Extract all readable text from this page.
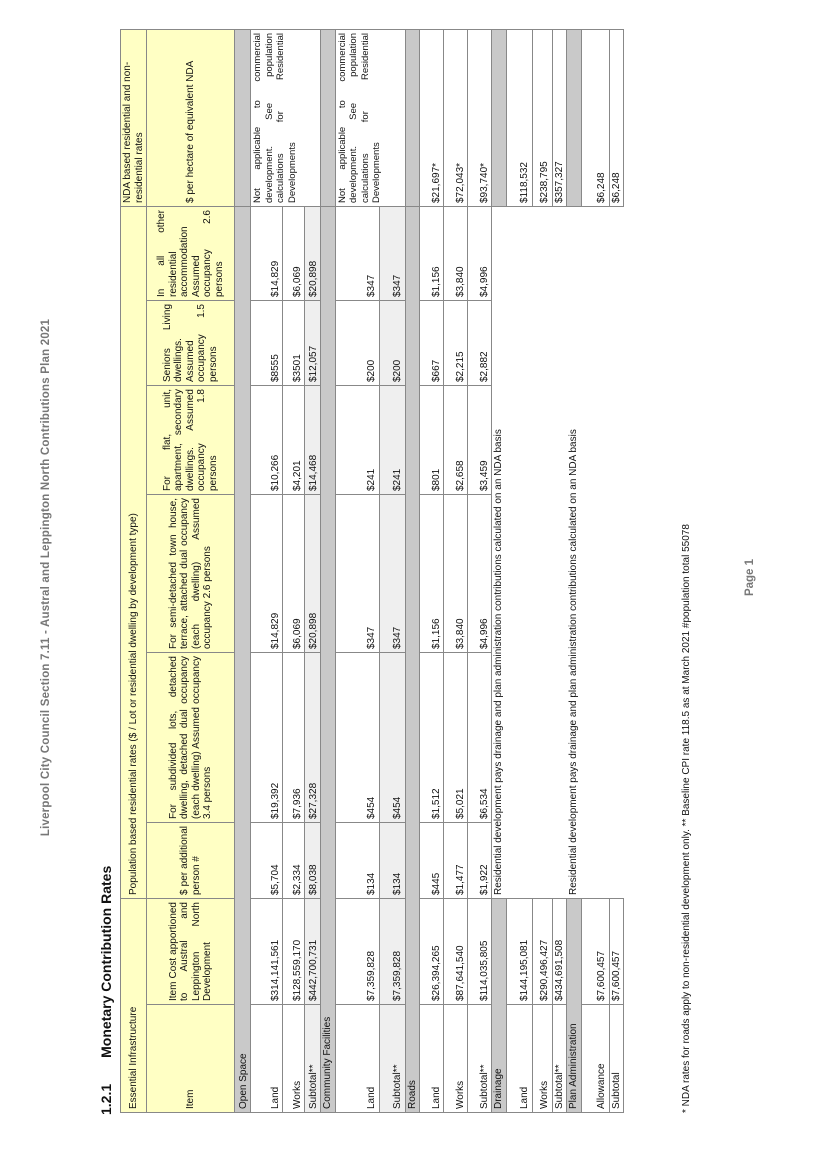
Liverpool City Council Section 7.11 - Austral and Leppington North Contributions Plan 2021
1.2.1Monetary Contribution Rates
Essential Infrastructure		Population based residential rates ($ / Lot or residential dwelling by development type)						NDA based residential and non-residential rates
Item	Item Cost apportioned to Austral and Leppington North Development	$ per additional person #	For subdivided lots, detached dwelling, detached dual occupancy (each dwelling) Assumed occupancy 3.4 persons	For semi-detached town house, terrace, attached dual occupancy (each dwelling) Assumed occupancy 2.6 persons	For flat, unit, apartment, secondary dwellings. Assumed occupancy 1.8 persons	Seniors Living dwellings. Assumed occupancy 1.5 persons	In all other residential accommodation Assumed occupancy 2.6 persons	$ per hectare of equivalent NDA
Open Space								
Land	$314,141,561	$5,704	$19,392	$14,829	$10,266	$8555	$14,829	Not applicable to commercial development. See population calculations for Residential Developments
Works	$128,559,170	$2,334	$7,936	$6,069	$4,201	$3501	$6,069	
Subtotal**	$442,700,731	$8,038	$27,328	$20,898	$14,468	$12,057	$20,898	
Community Facilities								
Land	$7,359,828	$134	$454	$347	$241	$200	$347	Not applicable to commercial development. See population calculations for Residential Developments
Subtotal**	$7,359,828	$134	$454	$347	$241	$200	$347	
Roads								
Land	$26,394,265	$445	$1,512	$1,156	$801	$667	$1,156	$21,697*
Works	$87,641,540	$1,477	$5,021	$3,840	$2,658	$2,215	$3,840	$72,043*
Subtotal**	$114,035,805	$1,922	$6,534	$4,996	$3,459	$2,882	$4,996	$93,740*
Drainage		Residential development pays drainage and plan administration contributions calculated on an NDA basis						
Land	$144,195,081							$118,532
Works	$290,496,427							$238,795
Subtotal**	$434,691,508							$357,327
Plan Administration		Residential development pays drainage and plan administration contributions calculated on an NDA basis						
Allowance	$7,600,457							$6,248
Subtotal	$7,600,457							$6,248
* NDA rates for roads apply to non-residential development only. ** Baseline CPI rate 118.5 as at March 2021 #population total 55078	Page 1
